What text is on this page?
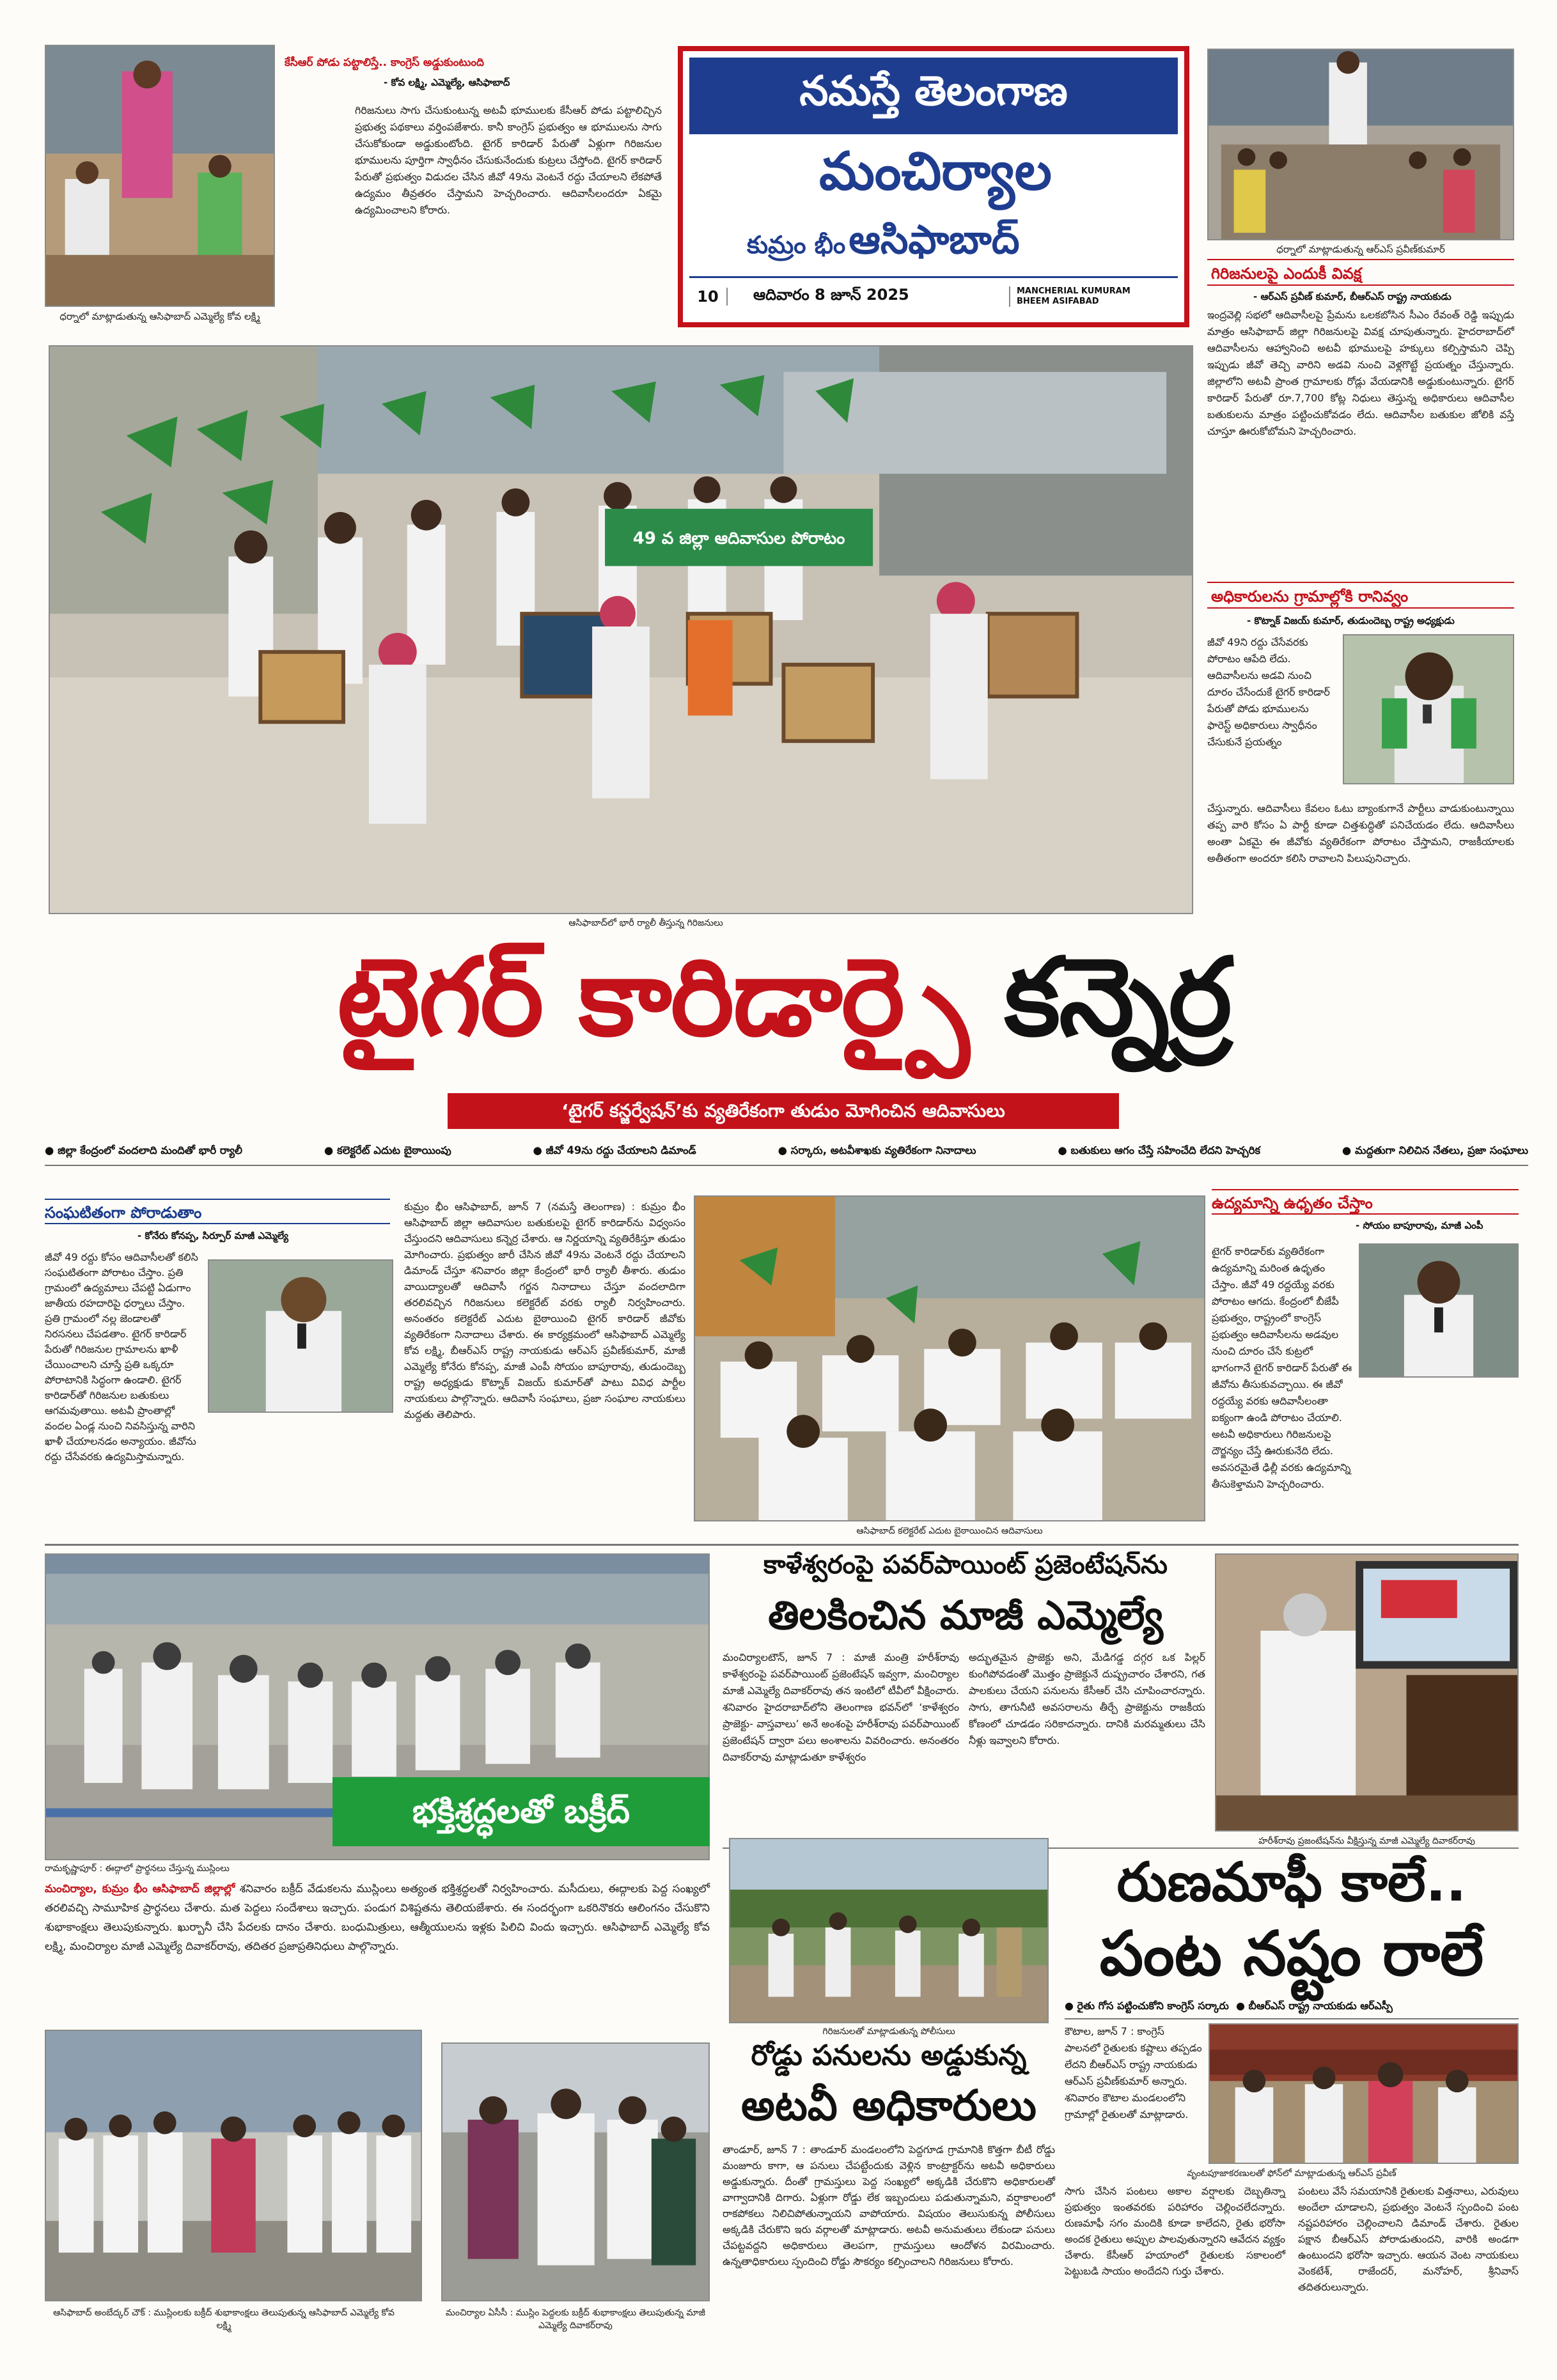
ధర్నాలో మాట్లాడుతున్న ఆసిఫాబాద్ ఎమ్మెల్యే కోవ లక్ష్మి
కేసీఆర్ పోడు పట్టాలిస్తే.. కాంగ్రెస్ అడ్డుకుంటుంది
- కోవ లక్ష్మి, ఎమ్మెల్యే, ఆసిఫాబాద్
గిరిజనులు సాగు చేసుకుంటున్న అటవీ భూములకు కేసీఆర్ పోడు పట్టాలిచ్చిన ప్రభుత్వ పథకాలు వర్తింపజేశారు. కానీ కాంగ్రెస్ ప్రభుత్వం ఆ భూములను సాగు చేసుకోకుండా అడ్డుకుంటోంది. టైగర్ కారిడార్ పేరుతో ఏళ్లుగా గిరిజనుల భూములను పూర్తిగా స్వాధీనం చేసుకునేందుకు కుట్రలు చేస్తోంది. టైగర్ కారిడార్ పేరుతో ప్రభుత్వం విడుదల చేసిన జీవో 49ను వెంటనే రద్దు చేయాలని లేకపోతే ఉద్యమం తీవ్రతరం చేస్తామని హెచ్చరించారు. ఆదివాసీలందరూ ఏకమై ఉద్యమించాలని కోరారు.
నమస్తే తెలంగాణ
మంచిర్యాల
కుమ్రం భీం ఆసిఫాబాద్
10	ఆదివారం 8 జూన్ 2025	MANCHERIAL KUMURAM BHEEM ASIFABAD
ధర్నాలో మాట్లాడుతున్న ఆర్‌ఎస్ ప్రవీణ్‌కుమార్
గిరిజనులపై ఎందుకీ వివక్ష
- ఆర్‌ఎస్ ప్రవీణ్ కుమార్, బీఆర్‌ఎస్ రాష్ట్ర నాయకుడు
ఇంద్రవెల్లి సభలో ఆదివాసీలపై ప్రేమను ఒలకబోసిన సీఎం రేవంత్ రెడ్డి ఇప్పుడు మాత్రం ఆసిఫాబాద్ జిల్లా గిరిజనులపై వివక్ష చూపుతున్నారు. హైదరాబాద్‌లో ఆదివాసీలను ఆహ్వానించి అటవీ భూములపై హక్కులు కల్పిస్తామని చెప్పి ఇప్పుడు జీవో తెచ్చి వారిని అడవి నుంచి వెళ్లగొట్టే ప్రయత్నం చేస్తున్నారు. జిల్లాలోని అటవీ ప్రాంత గ్రామాలకు రోడ్లు వేయడానికి అడ్డుకుంటున్నారు. టైగర్ కారిడార్ పేరుతో రూ.7,700 కోట్ల నిధులు తెస్తున్న అధికారులు ఆదివాసీల బతుకులను మాత్రం పట్టించుకోవడం లేదు. ఆదివాసీల బతుకుల జోలికి వస్తే చూస్తూ ఊరుకోబోమని హెచ్చరించారు.
అధికారులను గ్రామాల్లోకి రానివ్వం
- కొట్నాక్ విజయ్ కుమార్, తుడుందెబ్బ రాష్ట్ర అధ్యక్షుడు
జీవో 49ని రద్దు చేసేవరకు పోరాటం ఆపేది లేదు. ఆదివాసీలను అడవి నుంచి దూరం చేసేందుకే టైగర్ కారిడార్ పేరుతో పోడు భూములను ఫారెస్ట్ అధికారులు స్వాధీనం చేసుకునే ప్రయత్నం
చేస్తున్నారు. ఆదివాసీలు కేవలం ఓటు బ్యాంకుగానే పార్టీలు వాడుకుంటున్నాయి తప్ప వారి కోసం ఏ పార్టీ కూడా చిత్తశుద్ధితో పనిచేయడం లేదు. ఆదివాసీలు అంతా ఏకమై ఈ జీవోకు వ్యతిరేకంగా పోరాటం చేస్తామని, రాజకీయాలకు అతీతంగా అందరూ కలిసి రావాలని పిలుపునిచ్చారు.
49 వ జిల్లా ఆదివాసుల పోరాటం
ఆసిఫాబాద్‌లో భారీ ర్యాలీ తీస్తున్న గిరిజనులు
టైగర్ కారిడార్పై కన్నెర్ర
‘టైగర్ కన్జర్వేషన్’కు వ్యతిరేకంగా తుడుం మోగించిన ఆదివాసులు
● జిల్లా కేంద్రంలో వందలాది మందితో భారీ ర్యాలీ	● కలెక్టరేట్ ఎదుట బైఠాయింపు	● జీవో 49ను రద్దు చేయాలని డిమాండ్	● సర్కారు, అటవీశాఖకు వ్యతిరేకంగా నినాదాలు	● బతుకులు ఆగం చేస్తే సహించేది లేదని హెచ్చరిక	● మద్దతుగా నిలిచిన నేతలు, ప్రజా సంఘాలు
సంఘటితంగా పోరాడుతాం
- కోనేరు కోనప్ప, సిర్పూర్ మాజీ ఎమ్మెల్యే
జీవో 49 రద్దు కోసం ఆదివాసీలతో కలిసి సంఘటితంగా పోరాటం చేస్తాం. ప్రతి గ్రామంలో ఉద్యమాలు చేపట్టి ఏడుగాం జాతీయ రహదారిపై ధర్నాలు చేస్తాం. ప్రతి గ్రామంలో నల్ల జెండాలతో నిరసనలు చేపడతాం. టైగర్ కారిడార్ పేరుతో గిరిజనుల గ్రామాలను ఖాళీ చేయించాలని చూస్తే ప్రతి ఒక్కరూ పోరాటానికి సిద్ధంగా ఉండాలి. టైగర్ కారిడార్‌తో గిరిజనుల బతుకులు ఆగమవుతాయి. అటవీ ప్రాంతాల్లో వందల ఏండ్ల నుంచి నివసిస్తున్న వారిని ఖాళీ చేయాలనడం అన్యాయం. జీవోను రద్దు చేసేవరకు ఉద్యమిస్తామన్నారు.
కుమ్రం భీం ఆసిఫాబాద్, జూన్ 7 (నమస్తే తెలంగాణ) : కుమ్రం భీం ఆసిఫాబాద్ జిల్లా ఆదివాసుల బతుకులపై టైగర్ కారిడార్‌ను విధ్వంసం చేస్తుందని ఆదివాసులు కన్నెర్ర చేశారు. ఆ నిర్ణయాన్ని వ్యతిరేకిస్తూ తుడుం మోగించారు. ప్రభుత్వం జారీ చేసిన జీవో 49ను వెంటనే రద్దు చేయాలని డిమాండ్ చేస్తూ శనివారం జిల్లా కేంద్రంలో భారీ ర్యాలీ తీశారు. తుడుం వాయిద్యాలతో ఆదివాసీ గర్జన నినాదాలు చేస్తూ వందలాదిగా తరలివచ్చిన గిరిజనులు కలెక్టరేట్ వరకు ర్యాలీ నిర్వహించారు. అనంతరం కలెక్టరేట్ ఎదుట బైఠాయించి టైగర్ కారిడార్ జీవోకు వ్యతిరేకంగా నినాదాలు చేశారు. ఈ కార్యక్రమంలో ఆసిఫాబాద్ ఎమ్మెల్యే కోవ లక్ష్మి, బీఆర్‌ఎస్ రాష్ట్ర నాయకుడు ఆర్‌ఎస్ ప్రవీణ్‌కుమార్, మాజీ ఎమ్మెల్యే కోనేరు కోనప్ప, మాజీ ఎంపీ సోయం బాపూరావు, తుడుందెబ్బ రాష్ట్ర అధ్యక్షుడు కొట్నాక్ విజయ్ కుమార్‌తో పాటు వివిధ పార్టీల నాయకులు పాల్గొన్నారు. ఆదివాసీ సంఘాలు, ప్రజా సంఘాల నాయకులు మద్దతు తెలిపారు.
ఆసిఫాబాద్ కలెక్టరేట్ ఎదుట బైఠాయించిన ఆదివాసులు
ఉద్యమాన్ని ఉధృతం చేస్తాం
- సోయం బాపూరావు, మాజీ ఎంపీ
టైగర్ కారిడార్‌కు వ్యతిరేకంగా ఉద్యమాన్ని మరింత ఉధృతం చేస్తాం. జీవో 49 రద్దయ్యే వరకు పోరాటం ఆగదు. కేంద్రంలో బీజేపీ ప్రభుత్వం, రాష్ట్రంలో కాంగ్రెస్ ప్రభుత్వం ఆదివాసీలను అడవుల నుంచి దూరం చేసే కుట్రలో భాగంగానే టైగర్ కారిడార్ పేరుతో ఈ జీవోను తీసుకువచ్చాయి. ఈ జీవో రద్దయ్యే వరకు ఆదివాసీలంతా ఐక్యంగా ఉండి పోరాటం చేయాలి. అటవీ అధికారులు గిరిజనులపై దౌర్జన్యం చేస్తే ఊరుకునేది లేదు. అవసరమైతే ఢిల్లీ వరకు ఉద్యమాన్ని తీసుకెళ్తామని హెచ్చరించారు.
భక్తిశ్రద్ధలతో బక్రీద్
రామకృష్ణాపూర్ : ఈద్గాలో ప్రార్థనలు చేస్తున్న ముస్లింలు
మంచిర్యాల, కుమ్రం భీం ఆసిఫాబాద్ జిల్లాల్లో శనివారం బక్రీద్ వేడుకలను ముస్లింలు అత్యంత భక్తిశ్రద్ధలతో నిర్వహించారు. మసీదులు, ఈద్గాలకు పెద్ద సంఖ్యలో తరలివచ్చి సామూహిక ప్రార్థనలు చేశారు. మత పెద్దలు సందేశాలు ఇచ్చారు. పండుగ విశిష్టతను తెలియజేశారు. ఈ సందర్భంగా ఒకరినొకరు ఆలింగనం చేసుకొని శుభాకాంక్షలు తెలుపుకున్నారు. ఖుర్బానీ చేసి పేదలకు దానం చేశారు. బంధుమిత్రులు, ఆత్మీయులను ఇళ్లకు పిలిచి విందు ఇచ్చారు. ఆసిఫాబాద్ ఎమ్మెల్యే కోవ లక్ష్మి, మంచిర్యాల మాజీ ఎమ్మెల్యే దివాకర్‌రావు, తదితర ప్రజాప్రతినిధులు పాల్గొన్నారు.
ఆసిఫాబాద్ అంబేద్కర్ చౌక్ : ముస్లింలకు బక్రీద్ శుభాకాంక్షలు తెలుపుతున్న ఆసిఫాబాద్ ఎమ్మెల్యే కోవ లక్ష్మి
మంచిర్యాల ఏసీసీ : ముస్లిం పెద్దలకు బక్రీద్ శుభాకాంక్షలు తెలుపుతున్న మాజీ ఎమ్మెల్యే దివాకర్‌రావు
కాళేశ్వరంపై పవర్‌పాయింట్ ప్రజెంటేషన్‌ను
తిలకించిన మాజీ ఎమ్మెల్యే
మంచిర్యాలటౌన్, జూన్ 7 : మాజీ మంత్రి హరీశ్‌రావు కాళేశ్వరంపై పవర్‌పాయింట్ ప్రజెంటేషన్ ఇవ్వగా, మంచిర్యాల మాజీ ఎమ్మెల్యే దివాకర్‌రావు తన ఇంటిలో టీవీలో వీక్షించారు. శనివారం హైదరాబాద్‌లోని తెలంగాణ భవన్‌లో ‘కాళేశ్వరం ప్రాజెక్టు- వాస్తవాలు’ అనే అంశంపై హరీశ్‌రావు పవర్‌పాయింట్ ప్రజెంటేషన్ ద్వారా పలు అంశాలను వివరించారు. అనంతరం దివాకర్‌రావు మాట్లాడుతూ కాళేశ్వరం
అద్భుతమైన ప్రాజెక్టు అని, మేడిగడ్డ దగ్గర ఒక పిల్లర్ కుంగిపోవడంతో మొత్తం ప్రాజెక్టునే దుష్ప్రచారం చేశారని, గత పాలకులు చేయని పనులను కేసీఆర్ చేసి చూపించారన్నారు. సాగు, తాగునీటి అవసరాలను తీర్చే ప్రాజెక్టును రాజకీయ కోణంలో చూడడం సరికాదన్నారు. దానికి మరమ్మతులు చేసి నీళ్లు ఇవ్వాలని కోరారు.
హరీశ్‌రావు ప్రజంటేషన్‌ను వీక్షిస్తున్న మాజీ ఎమ్మెల్యే దివాకర్‌రావు
గిరిజనులతో మాట్లాడుతున్న పోలీసులు
రోడ్డు పనులను అడ్డుకున్న
అటవీ అధికారులు
తాండూర్, జూన్ 7 : తాండూర్ మండలంలోని పెద్దగూడ గ్రామానికి కొత్తగా బీటీ రోడ్డు మంజూరు కాగా, ఆ పనులు చేపట్టేందుకు వెళ్లిన కాంట్రాక్టర్‌ను అటవీ అధికారులు అడ్డుకున్నారు. దీంతో గ్రామస్తులు పెద్ద సంఖ్యలో అక్కడికి చేరుకొని అధికారులతో వాగ్వాదానికి దిగారు. ఏళ్లుగా రోడ్డు లేక ఇబ్బందులు పడుతున్నామని, వర్షాకాలంలో రాకపోకలు నిలిచిపోతున్నాయని వాపోయారు. విషయం తెలుసుకున్న పోలీసులు అక్కడికి చేరుకొని ఇరు వర్గాలతో మాట్లాడారు. అటవీ అనుమతులు లేకుండా పనులు చేపట్టవద్దని అధికారులు తెలపగా, గ్రామస్తులు ఆందోళన విరమించారు. ఉన్నతాధికారులు స్పందించి రోడ్డు సౌకర్యం కల్పించాలని గిరిజనులు కోరారు.
రుణమాఫీ కాలే..
పంట నష్టం రాలే
● రైతు గోస పట్టించుకోని కాంగ్రెస్ సర్కారు  ● బీఆర్‌ఎస్ రాష్ట్ర నాయకుడు ఆర్‌ఎస్పీ
కౌటాల, జూన్ 7 : కాంగ్రెస్ పాలనలో రైతులకు కష్టాలు తప్పడం లేదని బీఆర్‌ఎస్ రాష్ట్ర నాయకుడు ఆర్‌ఎస్ ప్రవీణ్‌కుమార్ అన్నారు. శనివారం కౌటాల మండలంలోని గ్రామాల్లో రైతులతో మాట్లాడారు.
వృంటపూజాకరణులతో ఫోన్‌లో మాట్లాడుతున్న ఆర్‌ఎస్ ప్రవీణ్
సాగు చేసిన పంటలు అకాల వర్షాలకు దెబ్బతిన్నా ప్రభుత్వం ఇంతవరకు పరిహారం చెల్లించలేదన్నారు. రుణమాఫీ సగం మందికి కూడా కాలేదని, రైతు భరోసా అందక రైతులు అప్పుల పాలవుతున్నారని ఆవేదన వ్యక్తం చేశారు. కేసీఆర్ హయాంలో రైతులకు సకాలంలో పెట్టుబడి సాయం అందేదని గుర్తు చేశారు.
పంటలు వేసే సమయానికి రైతులకు విత్తనాలు, ఎరువులు అందేలా చూడాలని, ప్రభుత్వం వెంటనే స్పందించి పంట నష్టపరిహారం చెల్లించాలని డిమాండ్ చేశారు. రైతుల పక్షాన బీఆర్‌ఎస్ పోరాడుతుందని, వారికి అండగా ఉంటుందని భరోసా ఇచ్చారు. ఆయన వెంట నాయకులు వెంకటేశ్, రాజేందర్, మనోహర్, శ్రీనివాస్ తదితరులున్నారు.
